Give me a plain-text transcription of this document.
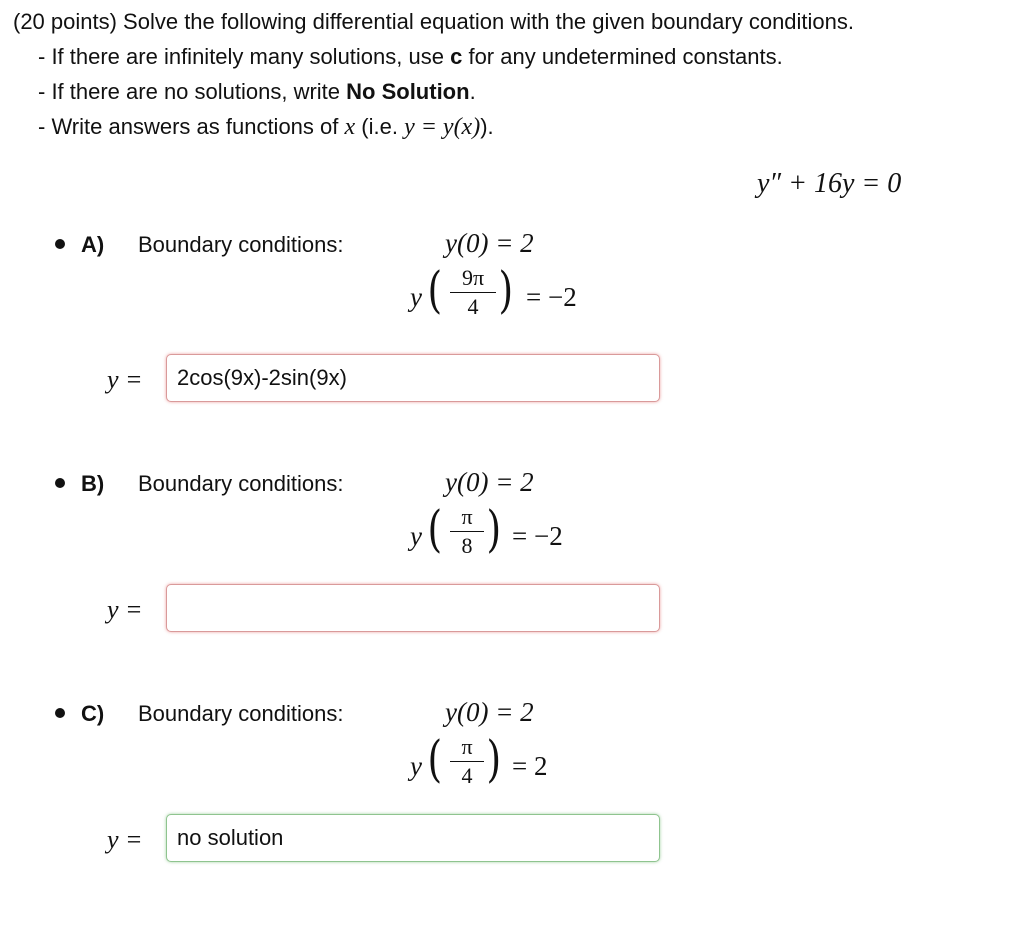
(20 points) Solve the following differential equation with the given boundary conditions.
- If there are infinitely many solutions, use c for any undetermined constants.
- If there are no solutions, write No Solution.
- Write answers as functions of x (i.e. y = y(x)).
y″ + 16y = 0
A) Boundary conditions:	y(0) = 2
y ( $\frac{9\pi}{4}$ ) = −2
y =
2cos(9x)-2sin(9x)
B) Boundary conditions:	y(0) = 2
y ( $\frac{\pi}{8}$ ) = −2
y =
C) Boundary conditions:	y(0) = 2
y ( $\frac{\pi}{4}$ ) = 2
y =
no solution
